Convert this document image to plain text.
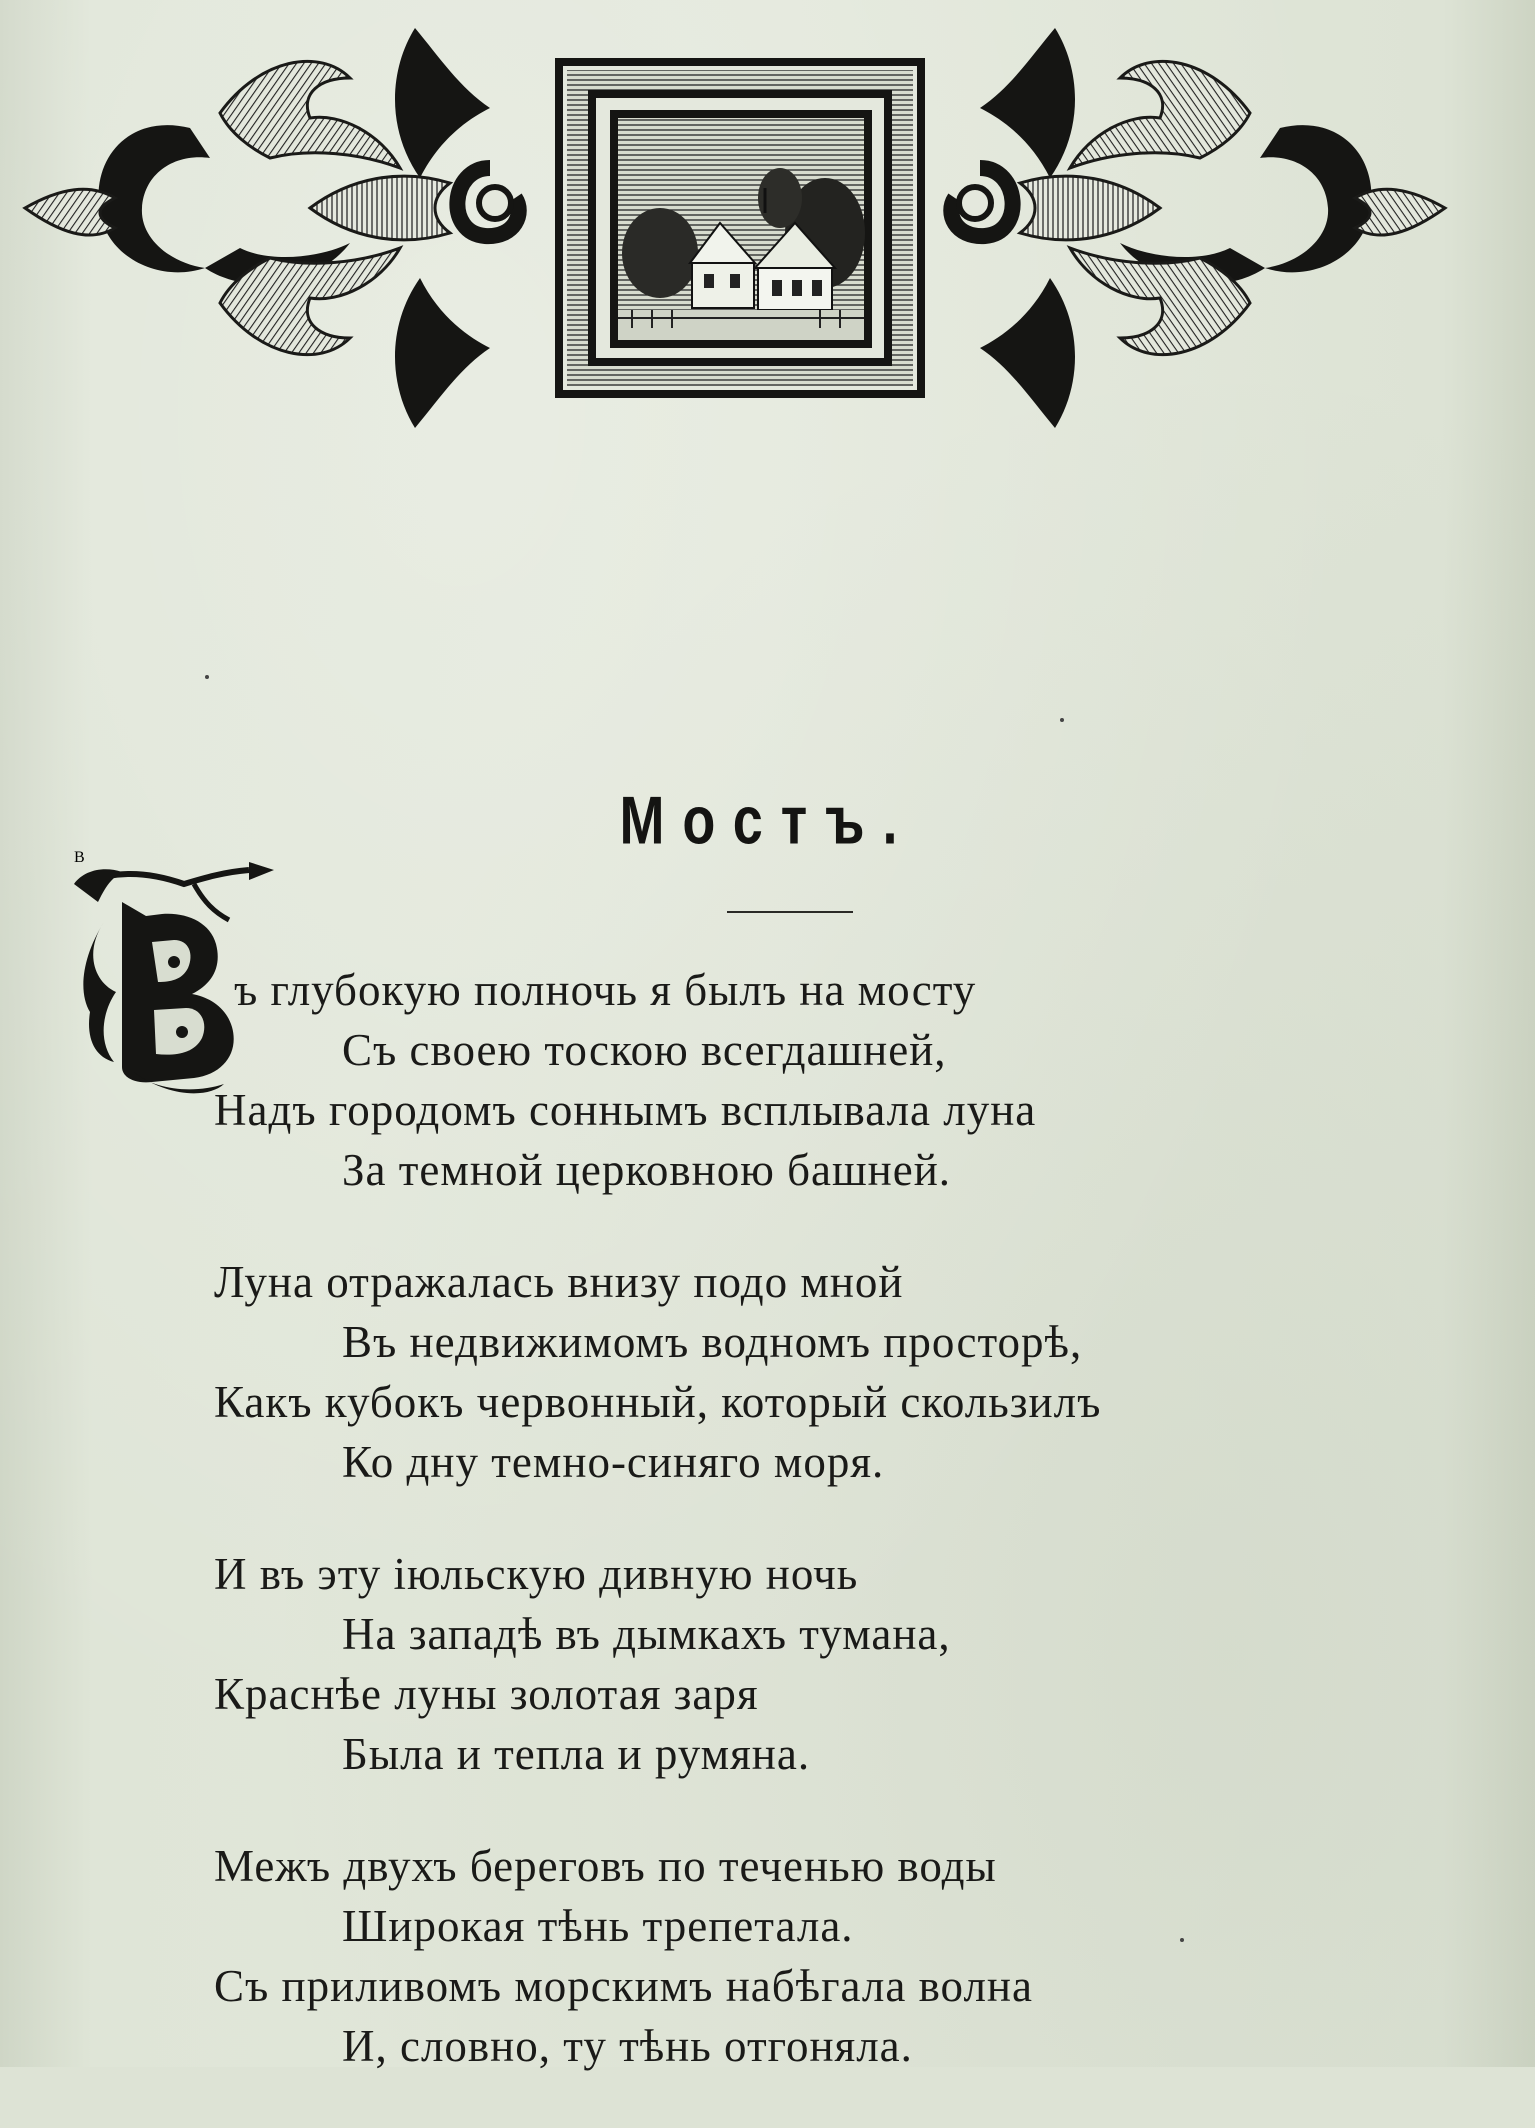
Мостъ.
В
ъ глубокую полночь я былъ на мосту
Съ своею тоскою всегдашней,
Надъ городомъ соннымъ всплывала луна
За темной церковною башней.
Луна отражалась внизу подо мной
Въ недвижимомъ водномъ просторѣ,
Какъ кубокъ червонный, который скользилъ
Ко дну темно-синяго моря.
И въ эту іюльскую дивную ночь
На западѣ въ дымкахъ тумана,
Краснѣе луны золотая заря
Была и тепла и румяна.
Межъ двухъ береговъ по теченью воды
Широкая тѣнь трепетала.
Съ приливомъ морскимъ набѣгала волна
И, словно, ту тѣнь отгоняла.
